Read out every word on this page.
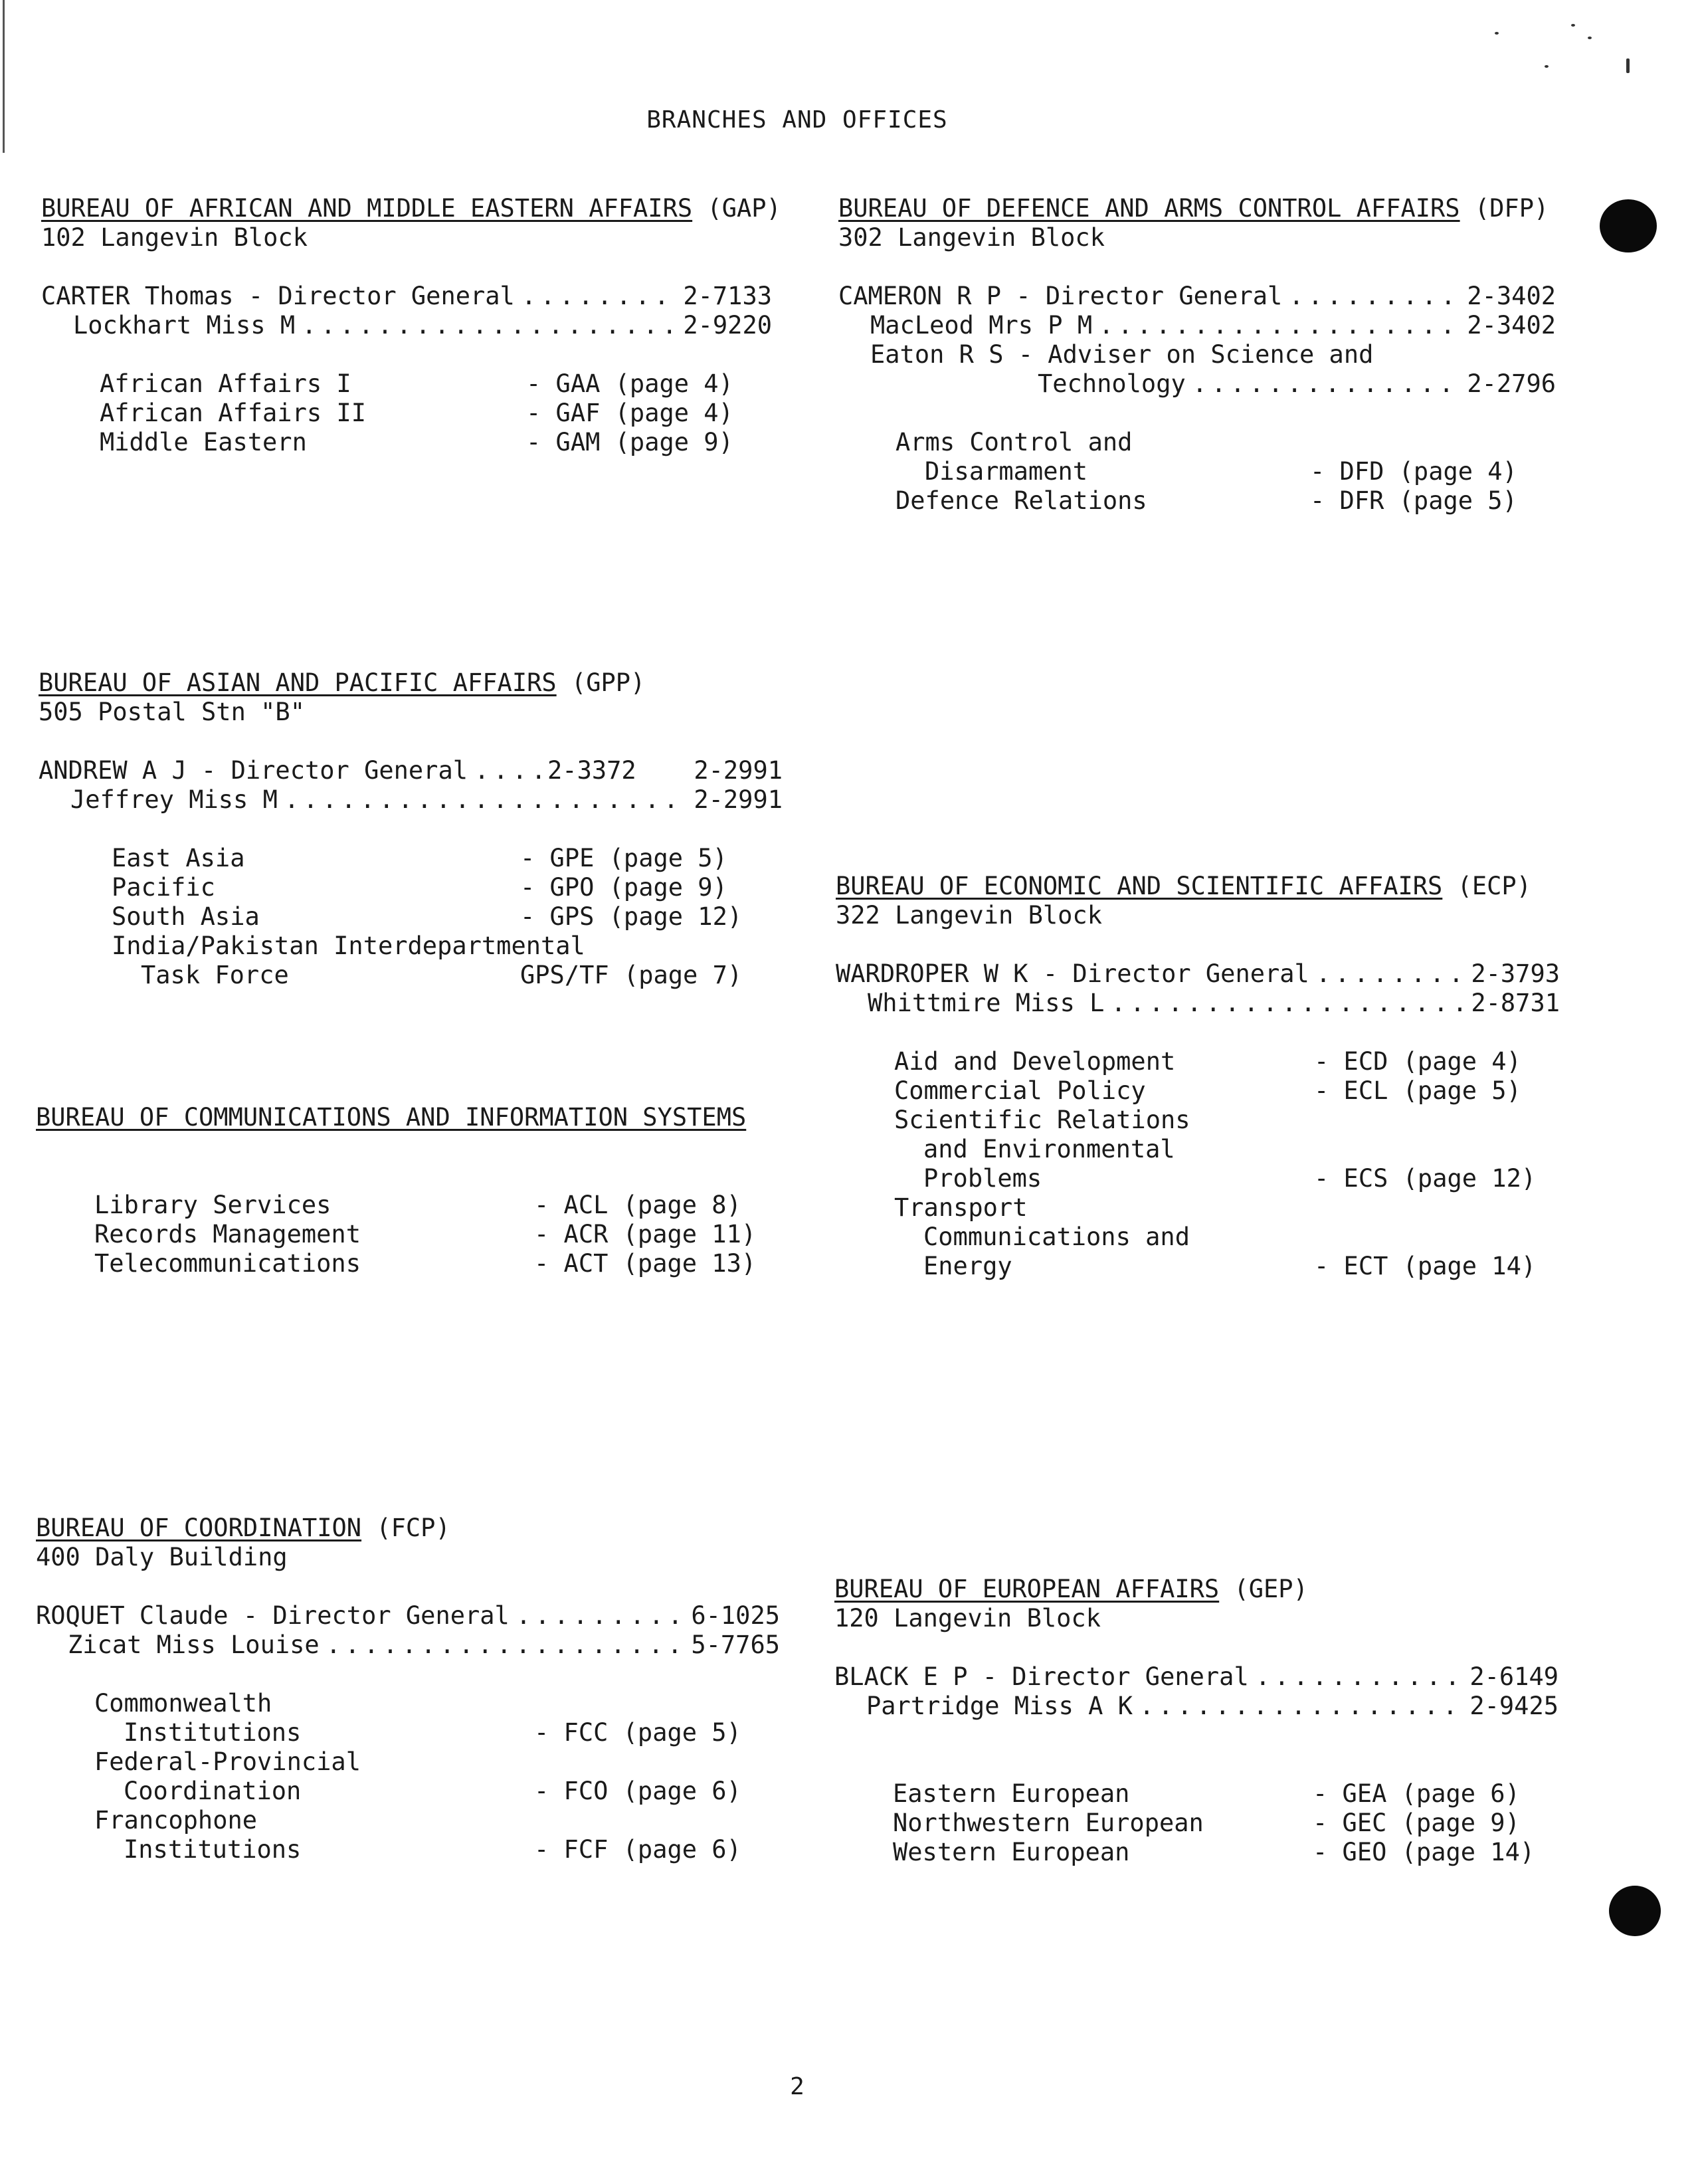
BRANCHES AND OFFICES
BUREAU OF AFRICAN AND MIDDLE EASTERN AFFAIRS (GAP)
102 Langevin Block
CARTER Thomas - Director General . . .	2-7133
Lockhart Miss M . . .	2-9220
African Affairs I	- GAA (page 4)
African Affairs II	- GAF (page 4)
Middle Eastern	- GAM (page 9)
BUREAU OF DEFENCE AND ARMS CONTROL AFFAIRS (DFP)
302 Langevin Block
CAMERON R P - Director General . . .	2-3402
MacLeod Mrs P M . . .	2-3402
Eaton R S - Adviser on Science and
Technology . . .	2-2796
Arms Control and
Disarmament	- DFD (page 4)
Defence Relations	- DFR (page 5)
BUREAU OF ASIAN AND PACIFIC AFFAIRS (GPP)
505 Postal Stn "B"
ANDREW A J - Director General . . .	2-3372 2-2991
Jeffrey Miss M . . .	2-2991
East Asia	- GPE (page 5)
Pacific	- GPO (page 9)
South Asia	- GPS (page 12)
India/Pakistan Interdepartmental
Task Force	GPS/TF (page 7)
BUREAU OF ECONOMIC AND SCIENTIFIC AFFAIRS (ECP)
322 Langevin Block
WARDROPER W K - Director General . . .	2-3793
Whittmire Miss L . . .	2-8731
Aid and Development	- ECD (page 4)
Commercial Policy	- ECL (page 5)
Scientific Relations
and Environmental
Problems	- ECS (page 12)
Transport
Communications and
Energy	- ECT (page 14)
BUREAU OF COMMUNICATIONS AND INFORMATION SYSTEMS
Library Services	- ACL (page 8)
Records Management	- ACR (page 11)
Telecommunications	- ACT (page 13)
BUREAU OF COORDINATION (FCP)
400 Daly Building
ROQUET Claude - Director General . . .	6-1025
Zicat Miss Louise . . .	5-7765
Commonwealth
Institutions	- FCC (page 5)
Federal-Provincial
Coordination	- FCO (page 6)
Francophone
Institutions	- FCF (page 6)
BUREAU OF EUROPEAN AFFAIRS (GEP)
120 Langevin Block
BLACK E P - Director General . . .	2-6149
Partridge Miss A K . . .	2-9425
Eastern European	- GEA (page 6)
Northwestern European	- GEC (page 9)
Western European	- GEO (page 14)
2
